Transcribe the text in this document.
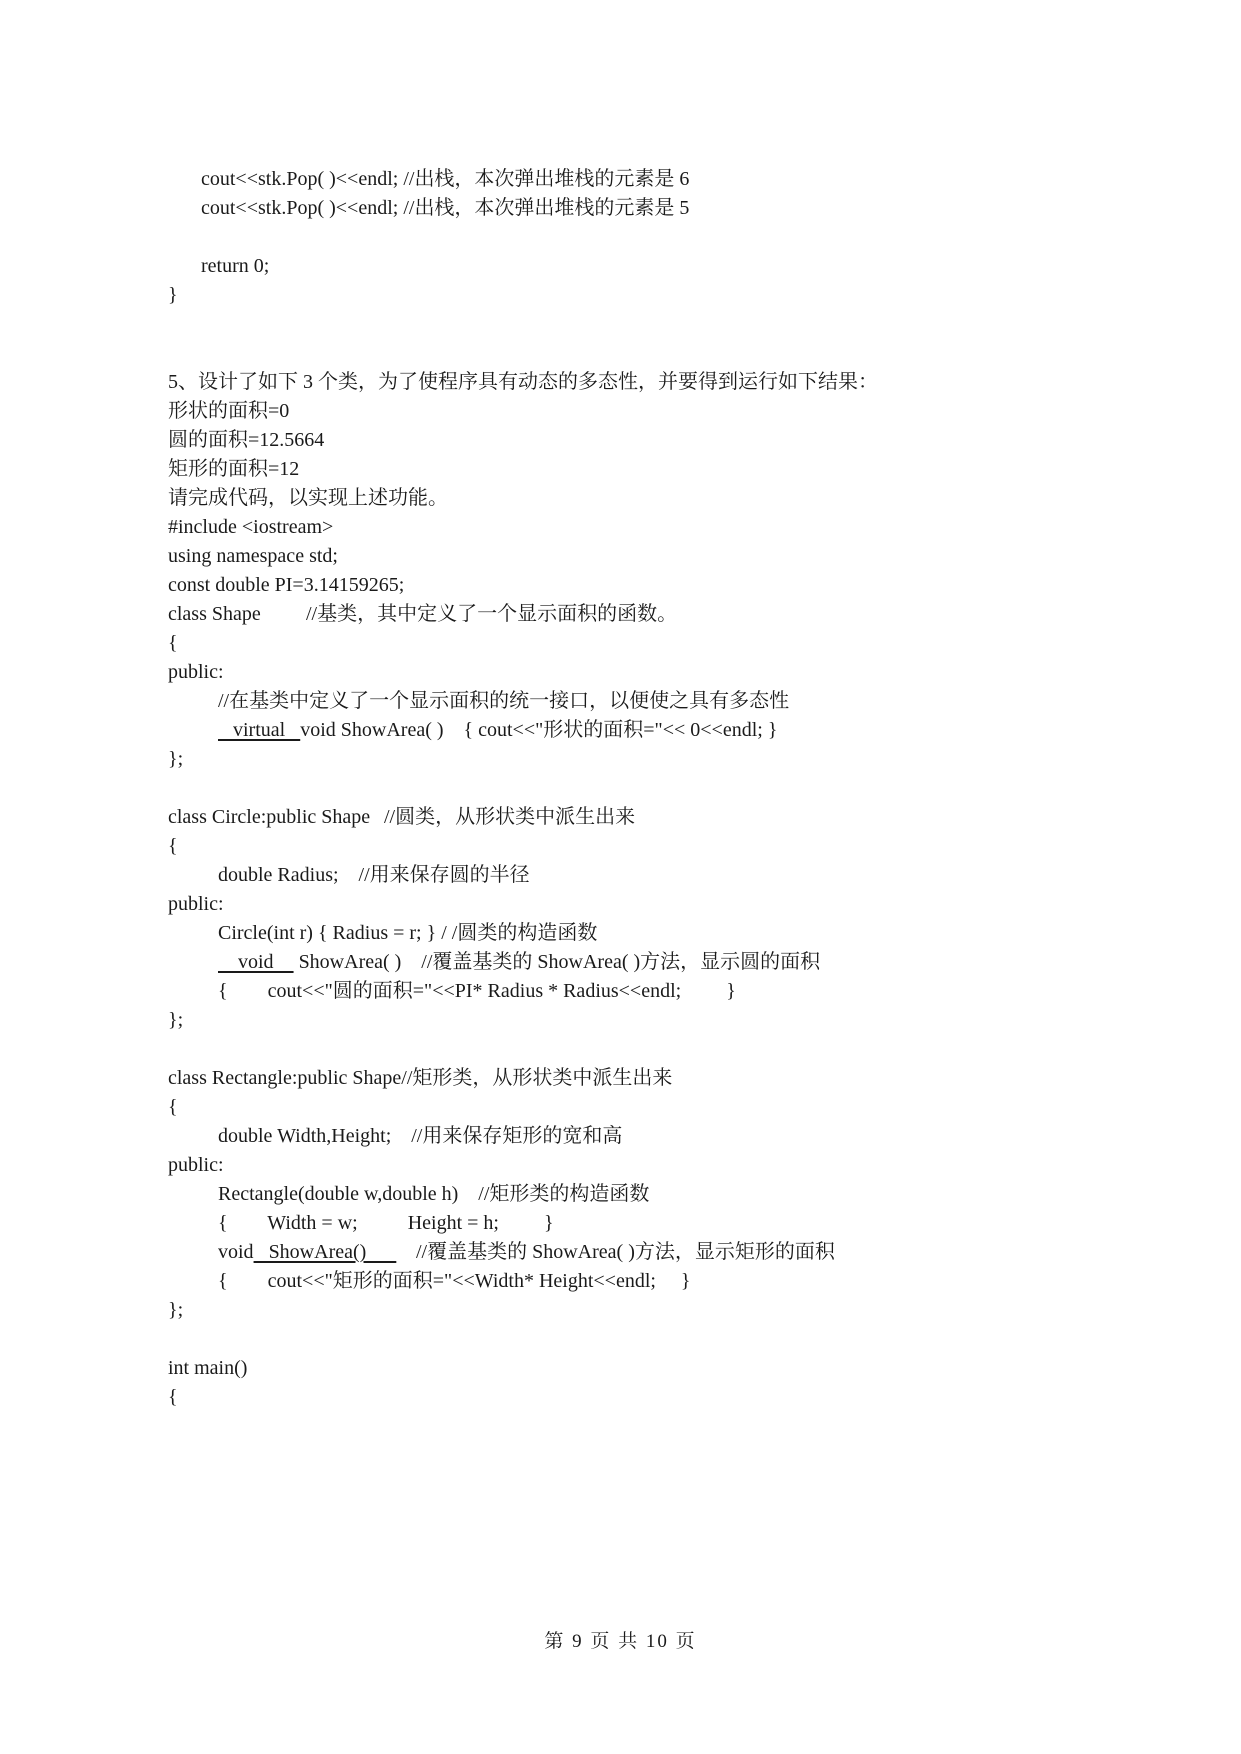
cout<<stk.Pop( )<<endl; //出栈，本次弹出堆栈的元素是 6
cout<<stk.Pop( )<<endl; //出栈，本次弹出堆栈的元素是 5
return 0;
}
5、设计了如下 3 个类，为了使程序具有动态的多态性，并要得到运行如下结果：
形状的面积=0
圆的面积=12.5664
矩形的面积=12
请完成代码，以实现上述功能。
#include <iostream>
using namespace std;
const double PI=3.14159265;
class Shape //基类，其中定义了一个显示面积的函数。
{
public:
//在基类中定义了一个显示面积的统一接口，以便使之具有多态性
virtual   void ShowArea( )    { cout<<"形状的面积="<< 0<<endl; }
};
class Circle:public Shape //圆类，从形状类中派生出来
{
double Radius;    //用来保存圆的半径
public:
Circle(int r) { Radius = r; } / /圆类的构造函数
void     ShowArea( )    //覆盖基类的 ShowArea( )方法，显示圆的面积
{        cout<<"圆的面积="<<PI* Radius * Radius<<endl;         }
};
class Rectangle:public Shape//矩形类，从形状类中派生出来
{
double Width,Height;    //用来保存矩形的宽和高
public:
Rectangle(double w,double h)    //矩形类的构造函数
{        Width = w;          Height = h;         }
void   ShowArea() //覆盖基类的 ShowArea( )方法，显示矩形的面积
{        cout<<"矩形的面积="<<Width* Height<<endl;     }
};
int main()
{
第 9 页 共 10 页
